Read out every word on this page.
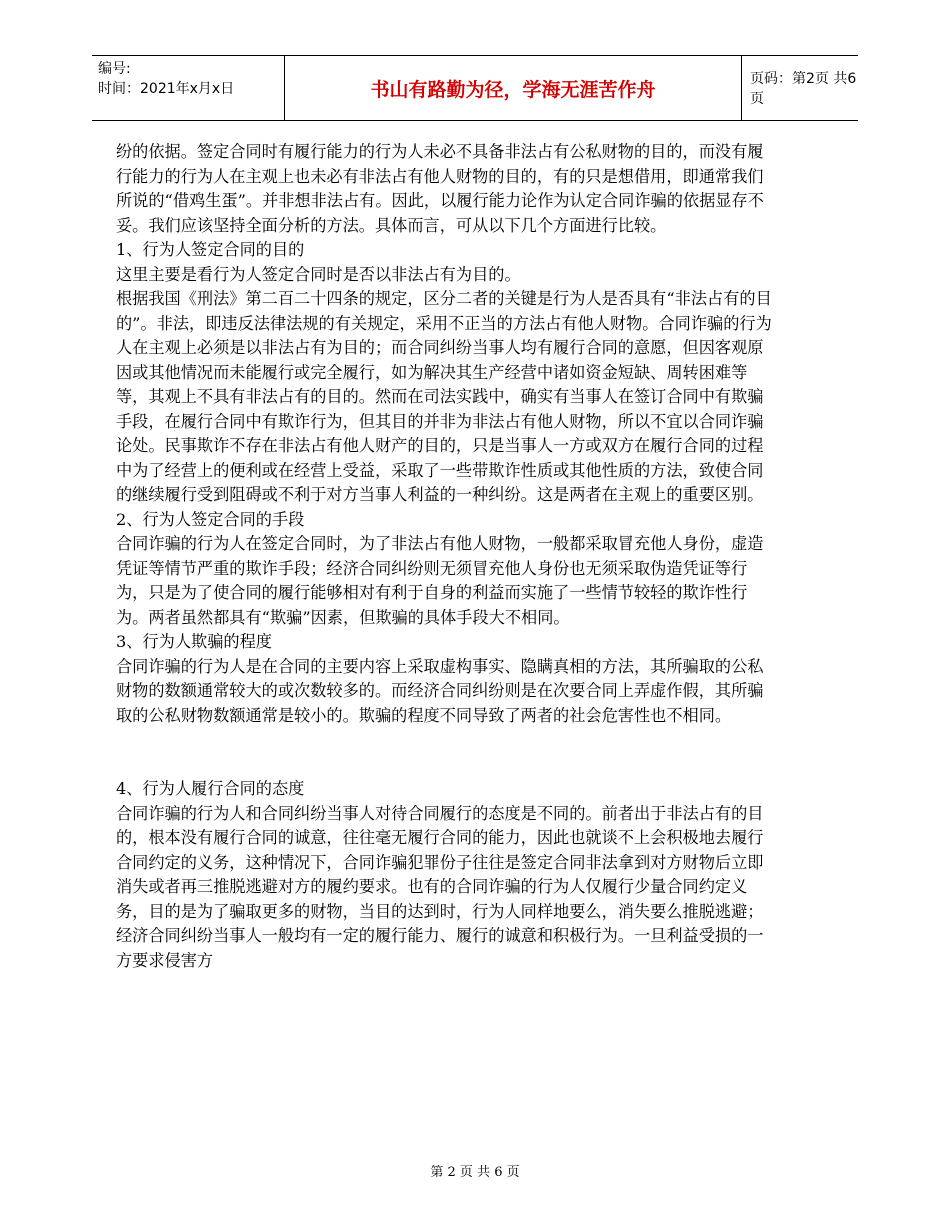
编号:
时间：2021年x月x日	书山有路勤为径，学海无涯苦作舟	页码：第2页 共6页

纷的依据。签定合同时有履行能力的行为人未必不具备非法占有公私财物的目的，而没有履行能力的行为人在主观上也未必有非法占有他人财物的目的，有的只是想借用，即通常我们所说的“借鸡生蛋”。并非想非法占有。因此，以履行能力论作为认定合同诈骗的依据显存不妥。我们应该坚持全面分析的方法。具体而言，可从以下几个方面进行比较。

1、行为人签定合同的目的

这里主要是看行为人签定合同时是否以非法占有为目的。

根据我国《刑法》第二百二十四条的规定，区分二者的关键是行为人是否具有“非法占有的目的”。非法，即违反法律法规的有关规定，采用不正当的方法占有他人财物。合同诈骗的行为人在主观上必须是以非法占有为目的；而合同纠纷当事人均有履行合同的意愿，但因客观原因或其他情况而未能履行或完全履行，如为解决其生产经营中诸如资金短缺、周转困难等等，其观上不具有非法占有的目的。然而在司法实践中，确实有当事人在签订合同中有欺骗手段，在履行合同中有欺诈行为，但其目的并非为非法占有他人财物，所以不宜以合同诈骗论处。民事欺诈不存在非法占有他人财产的目的，只是当事人一方或双方在履行合同的过程中为了经营上的便利或在经营上受益，采取了一些带欺诈性质或其他性质的方法，致使合同的继续履行受到阻碍或不利于对方当事人利益的一种纠纷。这是两者在主观上的重要区别。

2、行为人签定合同的手段

合同诈骗的行为人在签定合同时，为了非法占有他人财物，一般都采取冒充他人身份，虚造凭证等情节严重的欺诈手段；经济合同纠纷则无须冒充他人身份也无须采取伪造凭证等行为，只是为了使合同的履行能够相对有利于自身的利益而实施了一些情节较轻的欺诈性行为。两者虽然都具有“欺骗”因素，但欺骗的具体手段大不相同。

3、行为人欺骗的程度

合同诈骗的行为人是在合同的主要内容上采取虚构事实、隐瞒真相的方法，其所骗取的公私财物的数额通常较大的或次数较多的。而经济合同纠纷则是在次要合同上弄虚作假，其所骗取的公私财物数额通常是较小的。欺骗的程度不同导致了两者的社会危害性也不相同。

4、行为人履行合同的态度

合同诈骗的行为人和合同纠纷当事人对待合同履行的态度是不同的。前者出于非法占有的目的，根本没有履行合同的诚意，往往毫无履行合同的能力，因此也就谈不上会积极地去履行合同约定的义务，这种情况下，合同诈骗犯罪份子往往是签定合同非法拿到对方财物后立即消失或者再三推脱逃避对方的履约要求。也有的合同诈骗的行为人仅履行少量合同约定义务，目的是为了骗取更多的财物，当目的达到时，行为人同样地要么，消失要么推脱逃避；经济合同纠纷当事人一般均有一定的履行能力、履行的诚意和积极行为。一旦利益受损的一方要求侵害方

第 2 页 共 6 页
